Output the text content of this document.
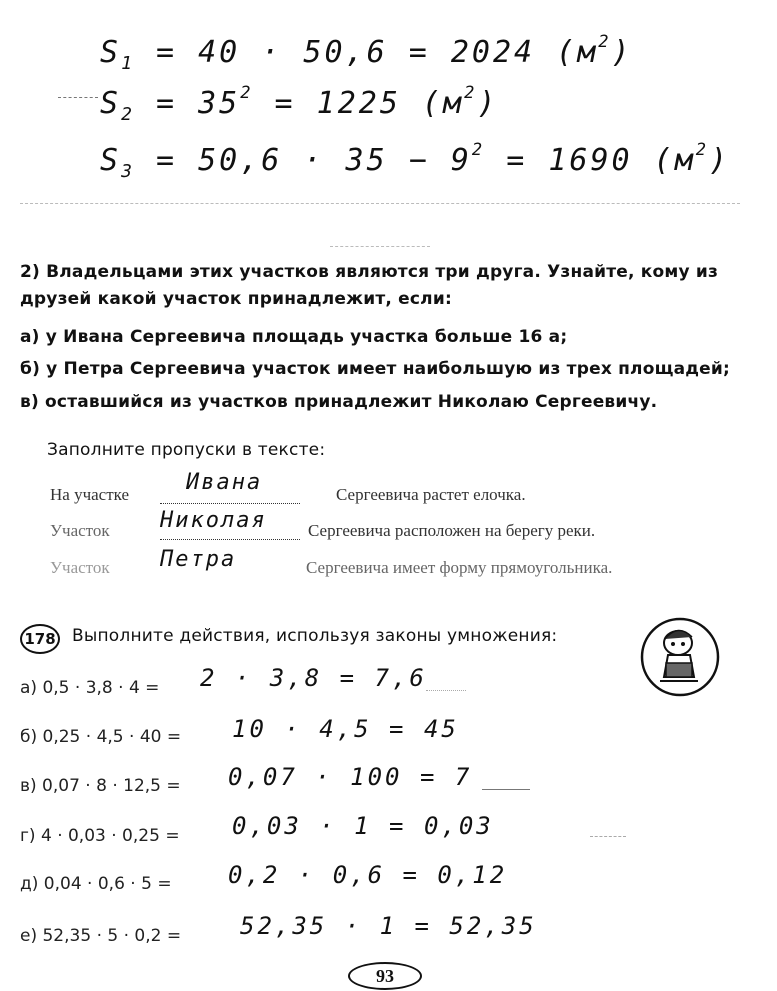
$S_1 = 40 \cdot 50,6 = 2024$ $(м^2)$
$S_2 = 35^2 = 1225$ $(м^2)$
$S_3 = 50,6 \cdot 35 - 9^2 = 1690$ $(м^2)$
2) Владельцами этих участков являются три друга. Узнайте, кому из
друзей какой участок принадлежит, если:
а) у Ивана Сергеевича площадь участка больше 16 а;
б) у Петра Сергеевича участок имеет наибольшую из трех площадей;
в) оставшийся из участков принадлежит Николаю Сергеевичу.
Заполните пропуски в тексте:
На участке	Ивана	Сергеевича растет елочка.
Участок Николая Сергеевича расположен на берегу реки.
Участок Петра	Сергеевича имеет форму прямоугольника.
178 Выполните действия, используя законы умножения:
а) 0,5 · 3,8 · 4 = 2 · 3,8 = 7,6
б) 0,25 · 4,5 · 40 = 10 · 4,5 = 45
в) 0,07 · 8 · 12,5 = 0,07 · 100 = 7
г) 4 · 0,03 · 0,25 = 0,03 · 1 = 0,03
д) 0,04 · 0,6 · 5 = 0,2 · 0,6 = 0,12
е) 52,35 · 5 · 0,2 = 52,35 · 1 = 52,35
93
